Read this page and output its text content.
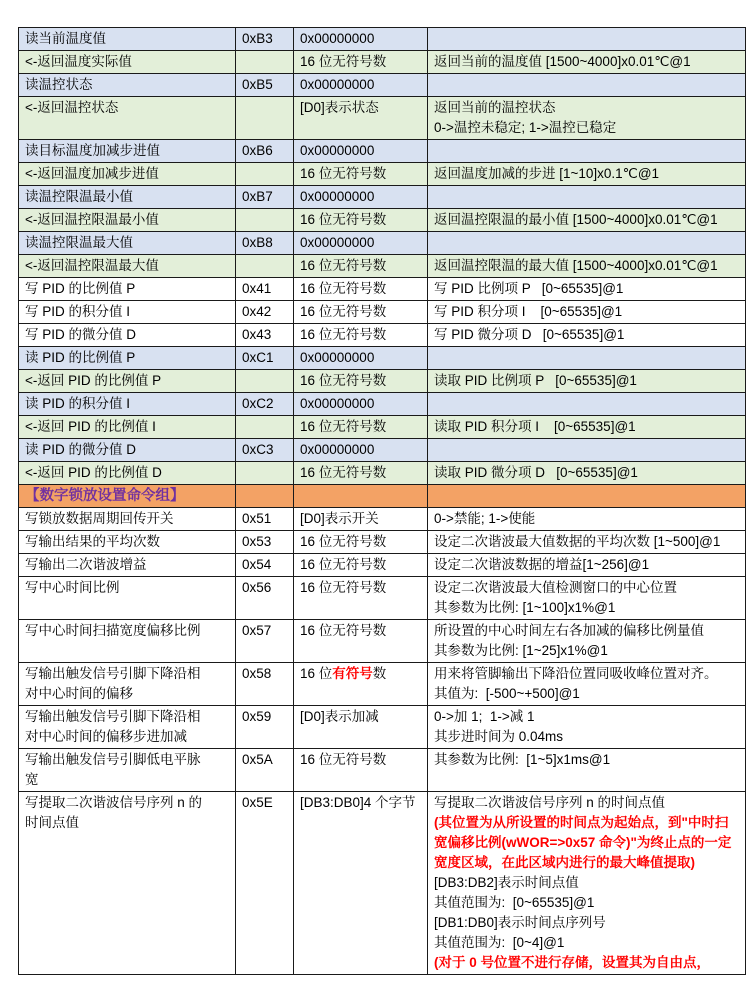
读当前温度值	0xB3	0x00000000	
<-返回温度实际值		16 位无符号数	返回当前的温度值 [1500~4000]x0.01℃@1
读温控状态	0xB5	0x00000000	
<-返回温控状态		[D0]表示状态	返回当前的温控状态
0->温控未稳定; 1->温控已稳定
读目标温度加减步进值	0xB6	0x00000000	
<-返回温度加减步进值		16 位无符号数	返回温度加减的步进 [1~10]x0.1℃@1
读温控限温最小值	0xB7	0x00000000	
<-返回温控限温最小值		16 位无符号数	返回温控限温的最小值 [1500~4000]x0.01℃@1
读温控限温最大值	0xB8	0x00000000	
<-返回温控限温最大值		16 位无符号数	返回温控限温的最大值 [1500~4000]x0.01℃@1
写 PID 的比例值 P	0x41	16 位无符号数	写 PID 比例项 P   [0~65535]@1
写 PID 的积分值 I	0x42	16 位无符号数	写 PID 积分项 I    [0~65535]@1
写 PID 的微分值 D	0x43	16 位无符号数	写 PID 微分项 D   [0~65535]@1
读 PID 的比例值 P	0xC1	0x00000000	
<-返回 PID 的比例值 P		16 位无符号数	读取 PID 比例项 P   [0~65535]@1
读 PID 的积分值 I	0xC2	0x00000000	
<-返回 PID 的比例值 I		16 位无符号数	读取 PID 积分项 I    [0~65535]@1
读 PID 的微分值 D	0xC3	0x00000000	
<-返回 PID 的比例值 D		16 位无符号数	读取 PID 微分项 D   [0~65535]@1
【数字锁放设置命令组】			
写锁放数据周期回传开关	0x51	[D0]表示开关	0->禁能; 1->使能
写输出结果的平均次数	0x53	16 位无符号数	设定二次谐波最大值数据的平均次数 [1~500]@1
写输出二次谐波增益	0x54	16 位无符号数	设定二次谐波数据的增益[1~256]@1
写中心时间比例	0x56	16 位无符号数	设定二次谐波最大值检测窗口的中心位置
其参数为比例: [1~100]x1%@1
写中心时间扫描宽度偏移比例	0x57	16 位无符号数	所设置的中心时间左右各加减的偏移比例量值
其参数为比例: [1~25]x1%@1
写输出触发信号引脚下降沿相
对中心时间的偏移	0x58	16 位有符号数	用来将管脚输出下降沿位置同吸收峰位置对齐。
其值为:  [-500~+500]@1
写输出触发信号引脚下降沿相
对中心时间的偏移步进加减	0x59	[D0]表示加减	0->加 1;  1->减 1
其步进时间为 0.04ms
写输出触发信号引脚低电平脉
宽	0x5A	16 位无符号数	其参数为比例:  [1~5]x1ms@1
写提取二次谐波信号序列 n 的
时间点值	0x5E	[DB3:DB0]4 个字节	写提取二次谐波信号序列 n 的时间点值
(其位置为从所设置的时间点为起始点，到"中时扫
宽偏移比例(wWOR=>0x57 命令)"为终止点的一定
宽度区域，在此区域内进行的最大峰值提取)
[DB3:DB2]表示时间点值
其值范围为:  [0~65535]@1
[DB1:DB0]表示时间点序列号
其值范围为:  [0~4]@1
(对于 0 号位置不进行存储，设置其为自由点，
